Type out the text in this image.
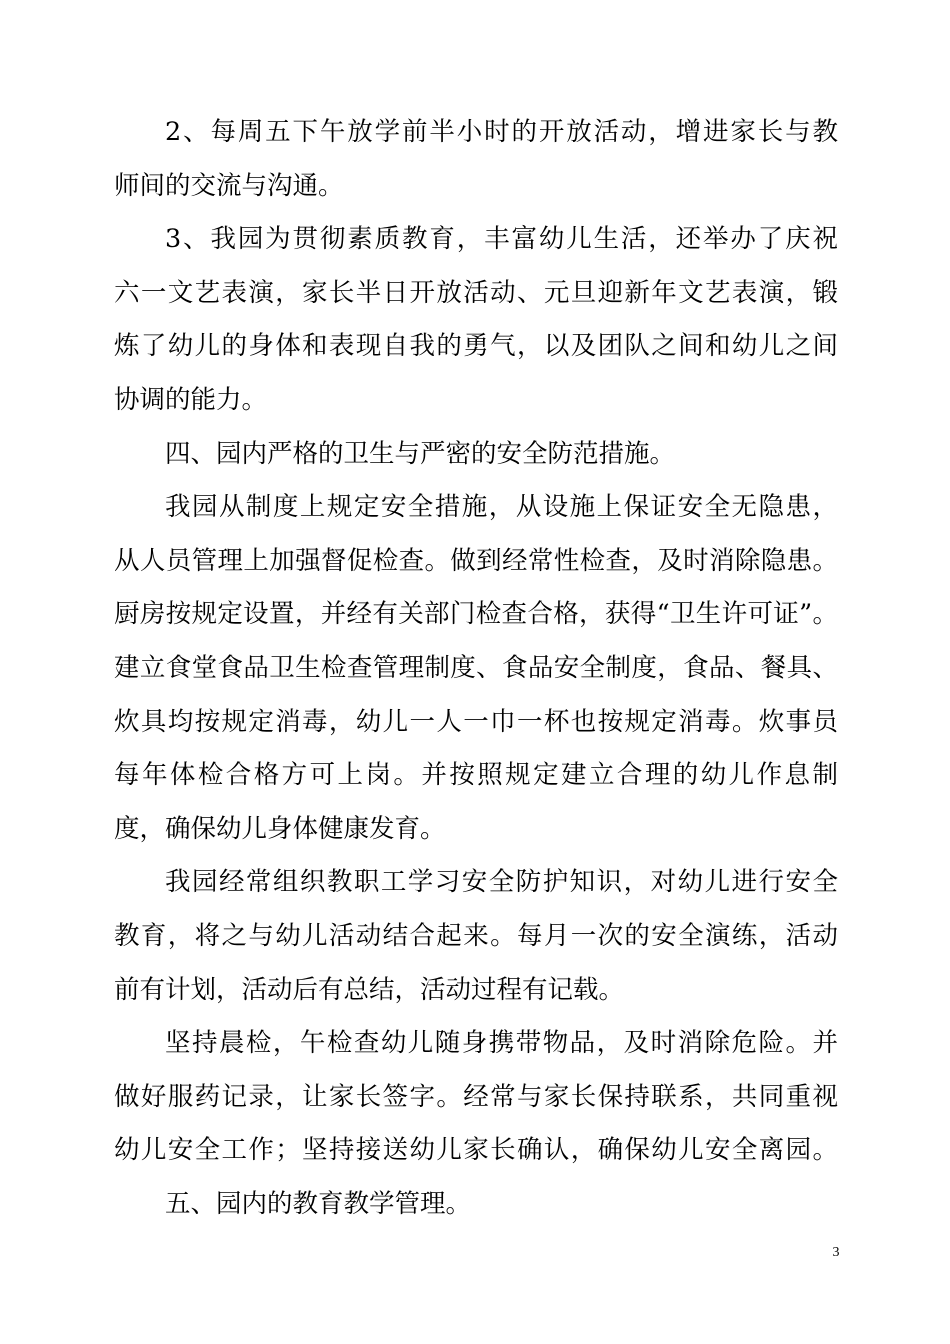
2、每周五下午放学前半小时的开放活动，增进家长与教
师间的交流与沟通。
3、我园为贯彻素质教育，丰富幼儿生活，还举办了庆祝
六一文艺表演，家长半日开放活动、元旦迎新年文艺表演，锻
炼了幼儿的身体和表现自我的勇气，以及团队之间和幼儿之间
协调的能力。
四、园内严格的卫生与严密的安全防范措施。
我园从制度上规定安全措施，从设施上保证安全无隐患，
从人员管理上加强督促检查。做到经常性检查，及时消除隐患。
厨房按规定设置，并经有关部门检查合格，获得“卫生许可证”。
建立食堂食品卫生检查管理制度、食品安全制度，食品、餐具、
炊具均按规定消毒，幼儿一人一巾一杯也按规定消毒。炊事员
每年体检合格方可上岗。并按照规定建立合理的幼儿作息制
度，确保幼儿身体健康发育。
我园经常组织教职工学习安全防护知识，对幼儿进行安全
教育，将之与幼儿活动结合起来。每月一次的安全演练，活动
前有计划，活动后有总结，活动过程有记载。
坚持晨检，午检查幼儿随身携带物品，及时消除危险。并
做好服药记录，让家长签字。经常与家长保持联系，共同重视
幼儿安全工作；坚持接送幼儿家长确认，确保幼儿安全离园。
五、园内的教育教学管理。
3
